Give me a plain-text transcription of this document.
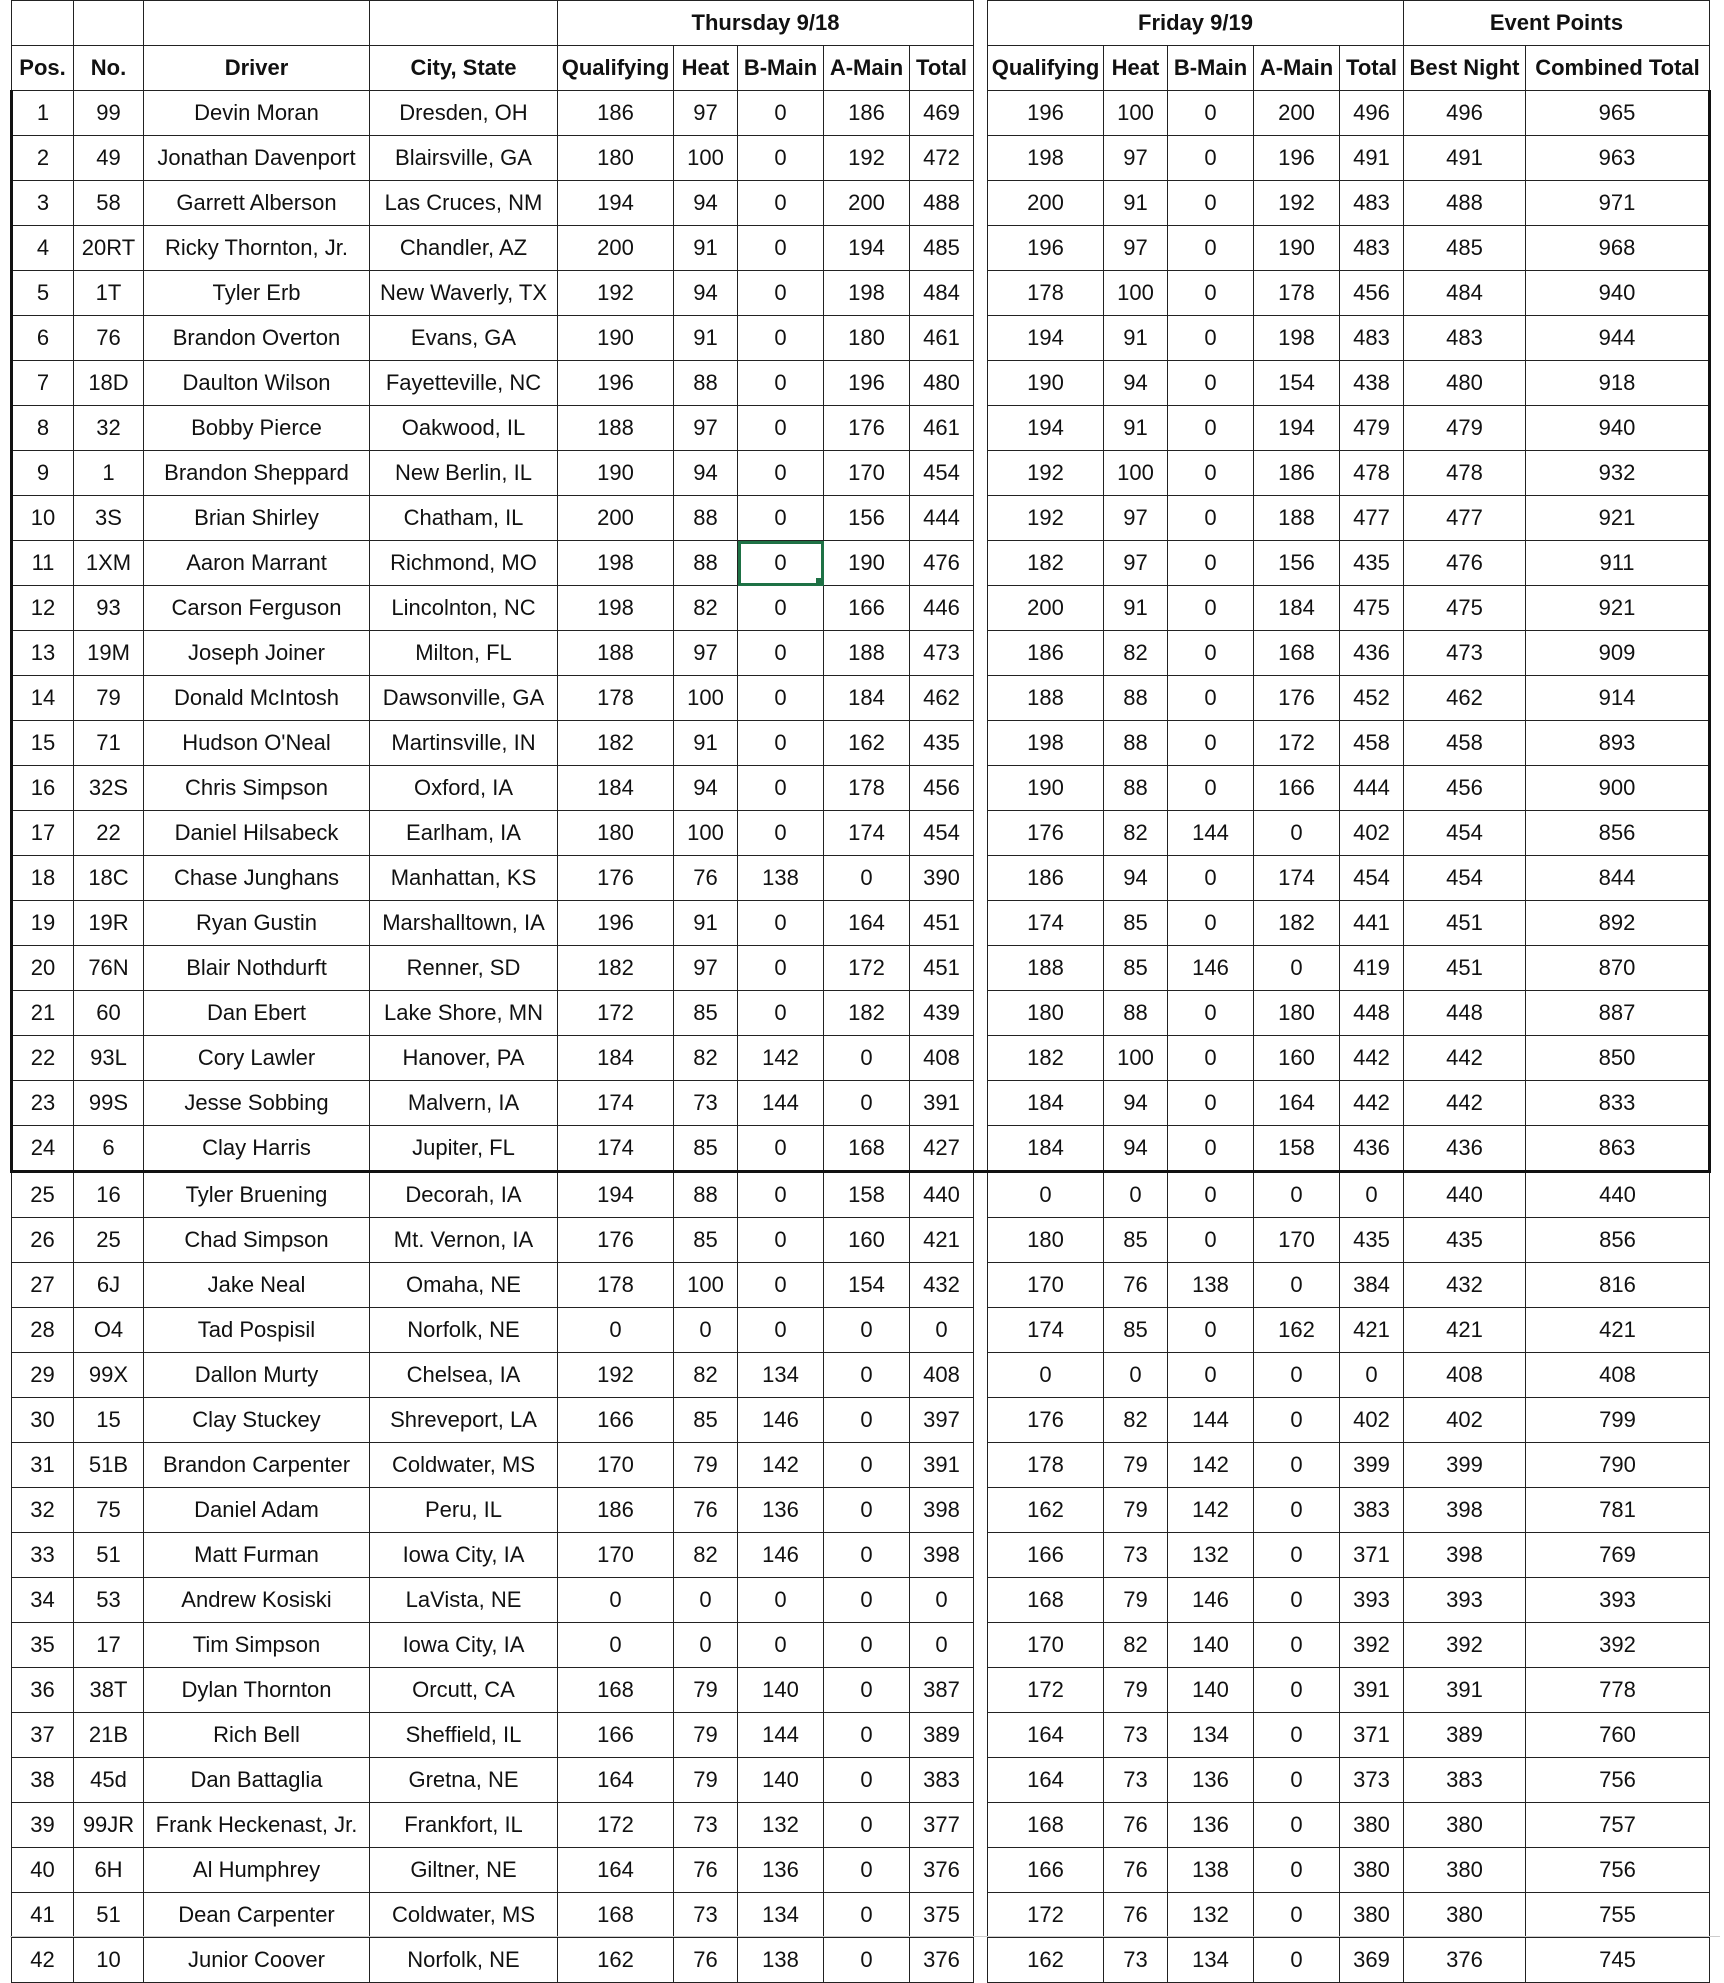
				Thursday 9/18						Friday 9/19					Event Points	
Pos.	No.	Driver	City, State	Qualifying	Heat	B-Main	A-Main	Total		Qualifying	Heat	B-Main	A-Main	Total	Best Night	Combined Total
1	99	Devin Moran	Dresden, OH	186	97	0	186	469		196	100	0	200	496	496	965
2	49	Jonathan Davenport	Blairsville, GA	180	100	0	192	472		198	97	0	196	491	491	963
3	58	Garrett Alberson	Las Cruces, NM	194	94	0	200	488		200	91	0	192	483	488	971
4	20RT	Ricky Thornton, Jr.	Chandler, AZ	200	91	0	194	485		196	97	0	190	483	485	968
5	1T	Tyler Erb	New Waverly, TX	192	94	0	198	484		178	100	0	178	456	484	940
6	76	Brandon Overton	Evans, GA	190	91	0	180	461		194	91	0	198	483	483	944
7	18D	Daulton Wilson	Fayetteville, NC	196	88	0	196	480		190	94	0	154	438	480	918
8	32	Bobby Pierce	Oakwood, IL	188	97	0	176	461		194	91	0	194	479	479	940
9	1	Brandon Sheppard	New Berlin, IL	190	94	0	170	454		192	100	0	186	478	478	932
10	3S	Brian Shirley	Chatham, IL	200	88	0	156	444		192	97	0	188	477	477	921
11	1XM	Aaron Marrant	Richmond, MO	198	88	0	190	476		182	97	0	156	435	476	911
12	93	Carson Ferguson	Lincolnton, NC	198	82	0	166	446		200	91	0	184	475	475	921
13	19M	Joseph Joiner	Milton, FL	188	97	0	188	473		186	82	0	168	436	473	909
14	79	Donald McIntosh	Dawsonville, GA	178	100	0	184	462		188	88	0	176	452	462	914
15	71	Hudson O'Neal	Martinsville, IN	182	91	0	162	435		198	88	0	172	458	458	893
16	32S	Chris Simpson	Oxford, IA	184	94	0	178	456		190	88	0	166	444	456	900
17	22	Daniel Hilsabeck	Earlham, IA	180	100	0	174	454		176	82	144	0	402	454	856
18	18C	Chase Junghans	Manhattan, KS	176	76	138	0	390		186	94	0	174	454	454	844
19	19R	Ryan Gustin	Marshalltown, IA	196	91	0	164	451		174	85	0	182	441	451	892
20	76N	Blair Nothdurft	Renner, SD	182	97	0	172	451		188	85	146	0	419	451	870
21	60	Dan Ebert	Lake Shore, MN	172	85	0	182	439		180	88	0	180	448	448	887
22	93L	Cory Lawler	Hanover, PA	184	82	142	0	408		182	100	0	160	442	442	850
23	99S	Jesse Sobbing	Malvern, IA	174	73	144	0	391		184	94	0	164	442	442	833
24	6	Clay Harris	Jupiter, FL	174	85	0	168	427		184	94	0	158	436	436	863
25	16	Tyler Bruening	Decorah, IA	194	88	0	158	440		0	0	0	0	0	440	440
26	25	Chad Simpson	Mt. Vernon, IA	176	85	0	160	421		180	85	0	170	435	435	856
27	6J	Jake Neal	Omaha, NE	178	100	0	154	432		170	76	138	0	384	432	816
28	O4	Tad Pospisil	Norfolk, NE	0	0	0	0	0		174	85	0	162	421	421	421
29	99X	Dallon Murty	Chelsea, IA	192	82	134	0	408		0	0	0	0	0	408	408
30	15	Clay Stuckey	Shreveport, LA	166	85	146	0	397		176	82	144	0	402	402	799
31	51B	Brandon Carpenter	Coldwater, MS	170	79	142	0	391		178	79	142	0	399	399	790
32	75	Daniel Adam	Peru, IL	186	76	136	0	398		162	79	142	0	383	398	781
33	51	Matt Furman	Iowa City, IA	170	82	146	0	398		166	73	132	0	371	398	769
34	53	Andrew Kosiski	LaVista, NE	0	0	0	0	0		168	79	146	0	393	393	393
35	17	Tim Simpson	Iowa City, IA	0	0	0	0	0		170	82	140	0	392	392	392
36	38T	Dylan Thornton	Orcutt, CA	168	79	140	0	387		172	79	140	0	391	391	778
37	21B	Rich Bell	Sheffield, IL	166	79	144	0	389		164	73	134	0	371	389	760
38	45d	Dan Battaglia	Gretna, NE	164	79	140	0	383		164	73	136	0	373	383	756
39	99JR	Frank Heckenast, Jr.	Frankfort, IL	172	73	132	0	377		168	76	136	0	380	380	757
40	6H	Al Humphrey	Giltner, NE	164	76	136	0	376		166	76	138	0	380	380	756
41	51	Dean Carpenter	Coldwater, MS	168	73	134	0	375		172	76	132	0	380	380	755
42	10	Junior Coover	Norfolk, NE	162	76	138	0	376		162	73	134	0	369	376	745
